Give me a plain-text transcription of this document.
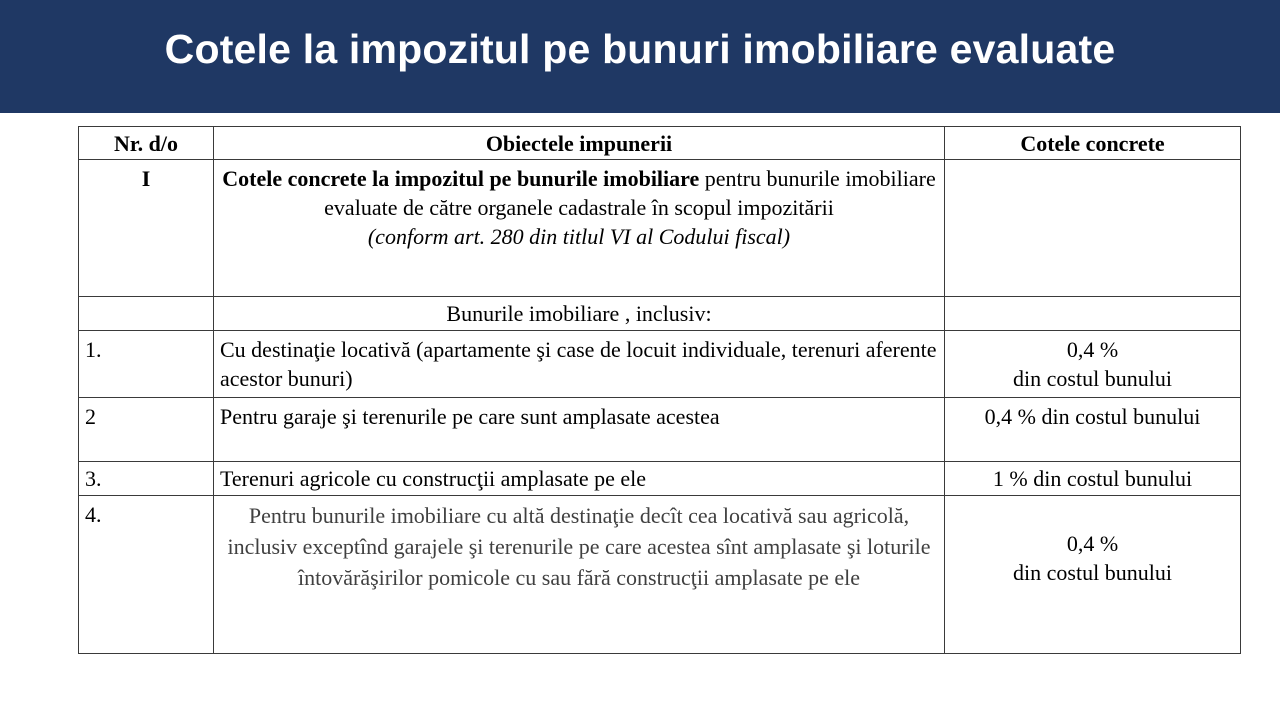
Cotele la impozitul pe bunuri imobiliare evaluate
Nr. d/o	Obiectele impunerii	Cotele concrete
I	Cotele concrete la impozitul pe bunurile imobiliare pentru bunurile imobiliare evaluate de către organele cadastrale în scopul impozitării
(conform art. 280 din titlul VI al Codului fiscal)	
	Bunurile imobiliare , inclusiv:	
1.	Cu destinaţie locativă (apartamente şi case de locuit individuale, terenuri aferente acestor bunuri)	0,4 %
din costul bunului
2	Pentru garaje şi terenurile pe care sunt amplasate acestea	0,4 % din costul bunului
3.	Terenuri agricole cu construcţii amplasate pe ele	1 % din costul bunului
4.	Pentru bunurile imobiliare cu altă destinaţie decît cea locativă sau agricolă, inclusiv exceptînd garajele şi terenurile pe care acestea sînt amplasate şi loturile întovărăşirilor pomicole cu sau fără construcţii amplasate pe ele	0,4 %
din costul bunului
